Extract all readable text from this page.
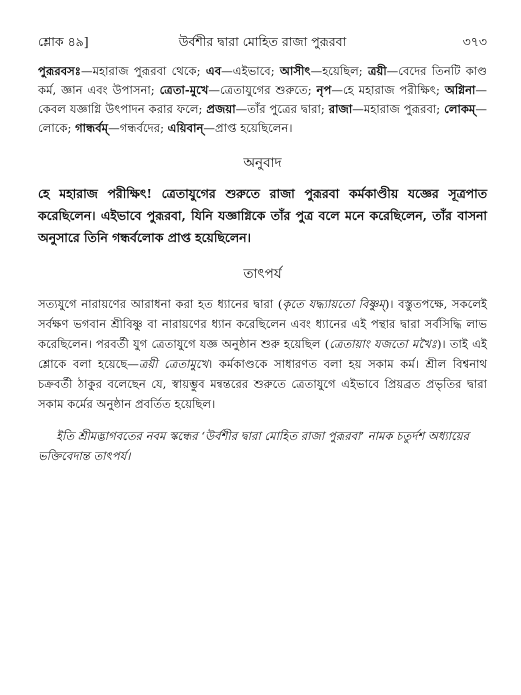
শ্লোক ৪৯]	উর্বশীর দ্বারা মোহিত রাজা পুরূরবা	৩৭৩

পুরূরবসঃ—মহারাজ পুরূরবা থেকে; এব—এইভাবে; আসীৎ—হয়েছিল; ত্রয়ী—বেদের তিনটি কাণ্ড কর্ম, জ্ঞান এবং উপাসনা; ত্রেতা-মুখে—ত্রেতাযুগের শুরুতে; নৃপ—হে মহারাজ পরীক্ষিৎ; অগ্নিনা—কেবল যজ্ঞাগ্নি উৎপাদন করার ফলে; প্রজয়া—তাঁর পুত্রের দ্বারা; রাজা—মহারাজ পুরূরবা; লোকম্—লোকে; গান্ধর্বম্—গন্ধর্বদের; এয়িবান্—প্রাপ্ত হয়েছিলেন।

অনুবাদ

হে মহারাজ পরীক্ষিৎ! ত্রেতাযুগের শুরুতে রাজা পুরূরবা কর্মকাণ্ডীয় যজ্ঞের সূত্রপাত করেছিলেন। এইভাবে পুরূরবা, যিনি যজ্ঞাগ্নিকে তাঁর পুত্র বলে মনে করেছিলেন, তাঁর বাসনা অনুসারে তিনি গন্ধর্বলোক প্রাপ্ত হয়েছিলেন।

তাৎপর্য

সত্যযুগে নারায়ণের আরাধনা করা হত ধ্যানের দ্বারা (কৃতে যদ্ধ্যায়তো বিষ্ণুম্)। বস্তুতপক্ষে, সকলেই সর্বক্ষণ ভগবান শ্রীবিষ্ণু বা নারায়ণের ধ্যান করেছিলেন এবং ধ্যানের এই পন্থার দ্বারা সর্বসিদ্ধি লাভ করেছিলেন। পরবর্তী যুগ ত্রেতাযুগে যজ্ঞ অনুষ্ঠান শুরু হয়েছিল (ত্রেতায়াং যজতো মখৈঃ)। তাই এই শ্লোকে বলা হয়েছে—ত্রয়ী ত্রেতামুখে। কর্মকাণ্ডকে সাধারণত বলা হয় সকাম কর্ম। শ্রীল বিশ্বনাথ চক্রবর্তী ঠাকুর বলেছেন যে, স্বায়ম্ভুব মন্বন্তরের শুরুতে ত্রেতাযুগে এইভাবে প্রিয়ব্রত প্রভৃতির দ্বারা সকাম কর্মের অনুষ্ঠান প্রবর্তিত হয়েছিল।

ইতি শ্রীমদ্ভাগবতের নবম স্কন্ধের ‘উর্বশীর দ্বারা মোহিত রাজা পুরূরবা’ নামক চতুর্দশ অধ্যায়ের ভক্তিবেদান্ত তাৎপর্য।
